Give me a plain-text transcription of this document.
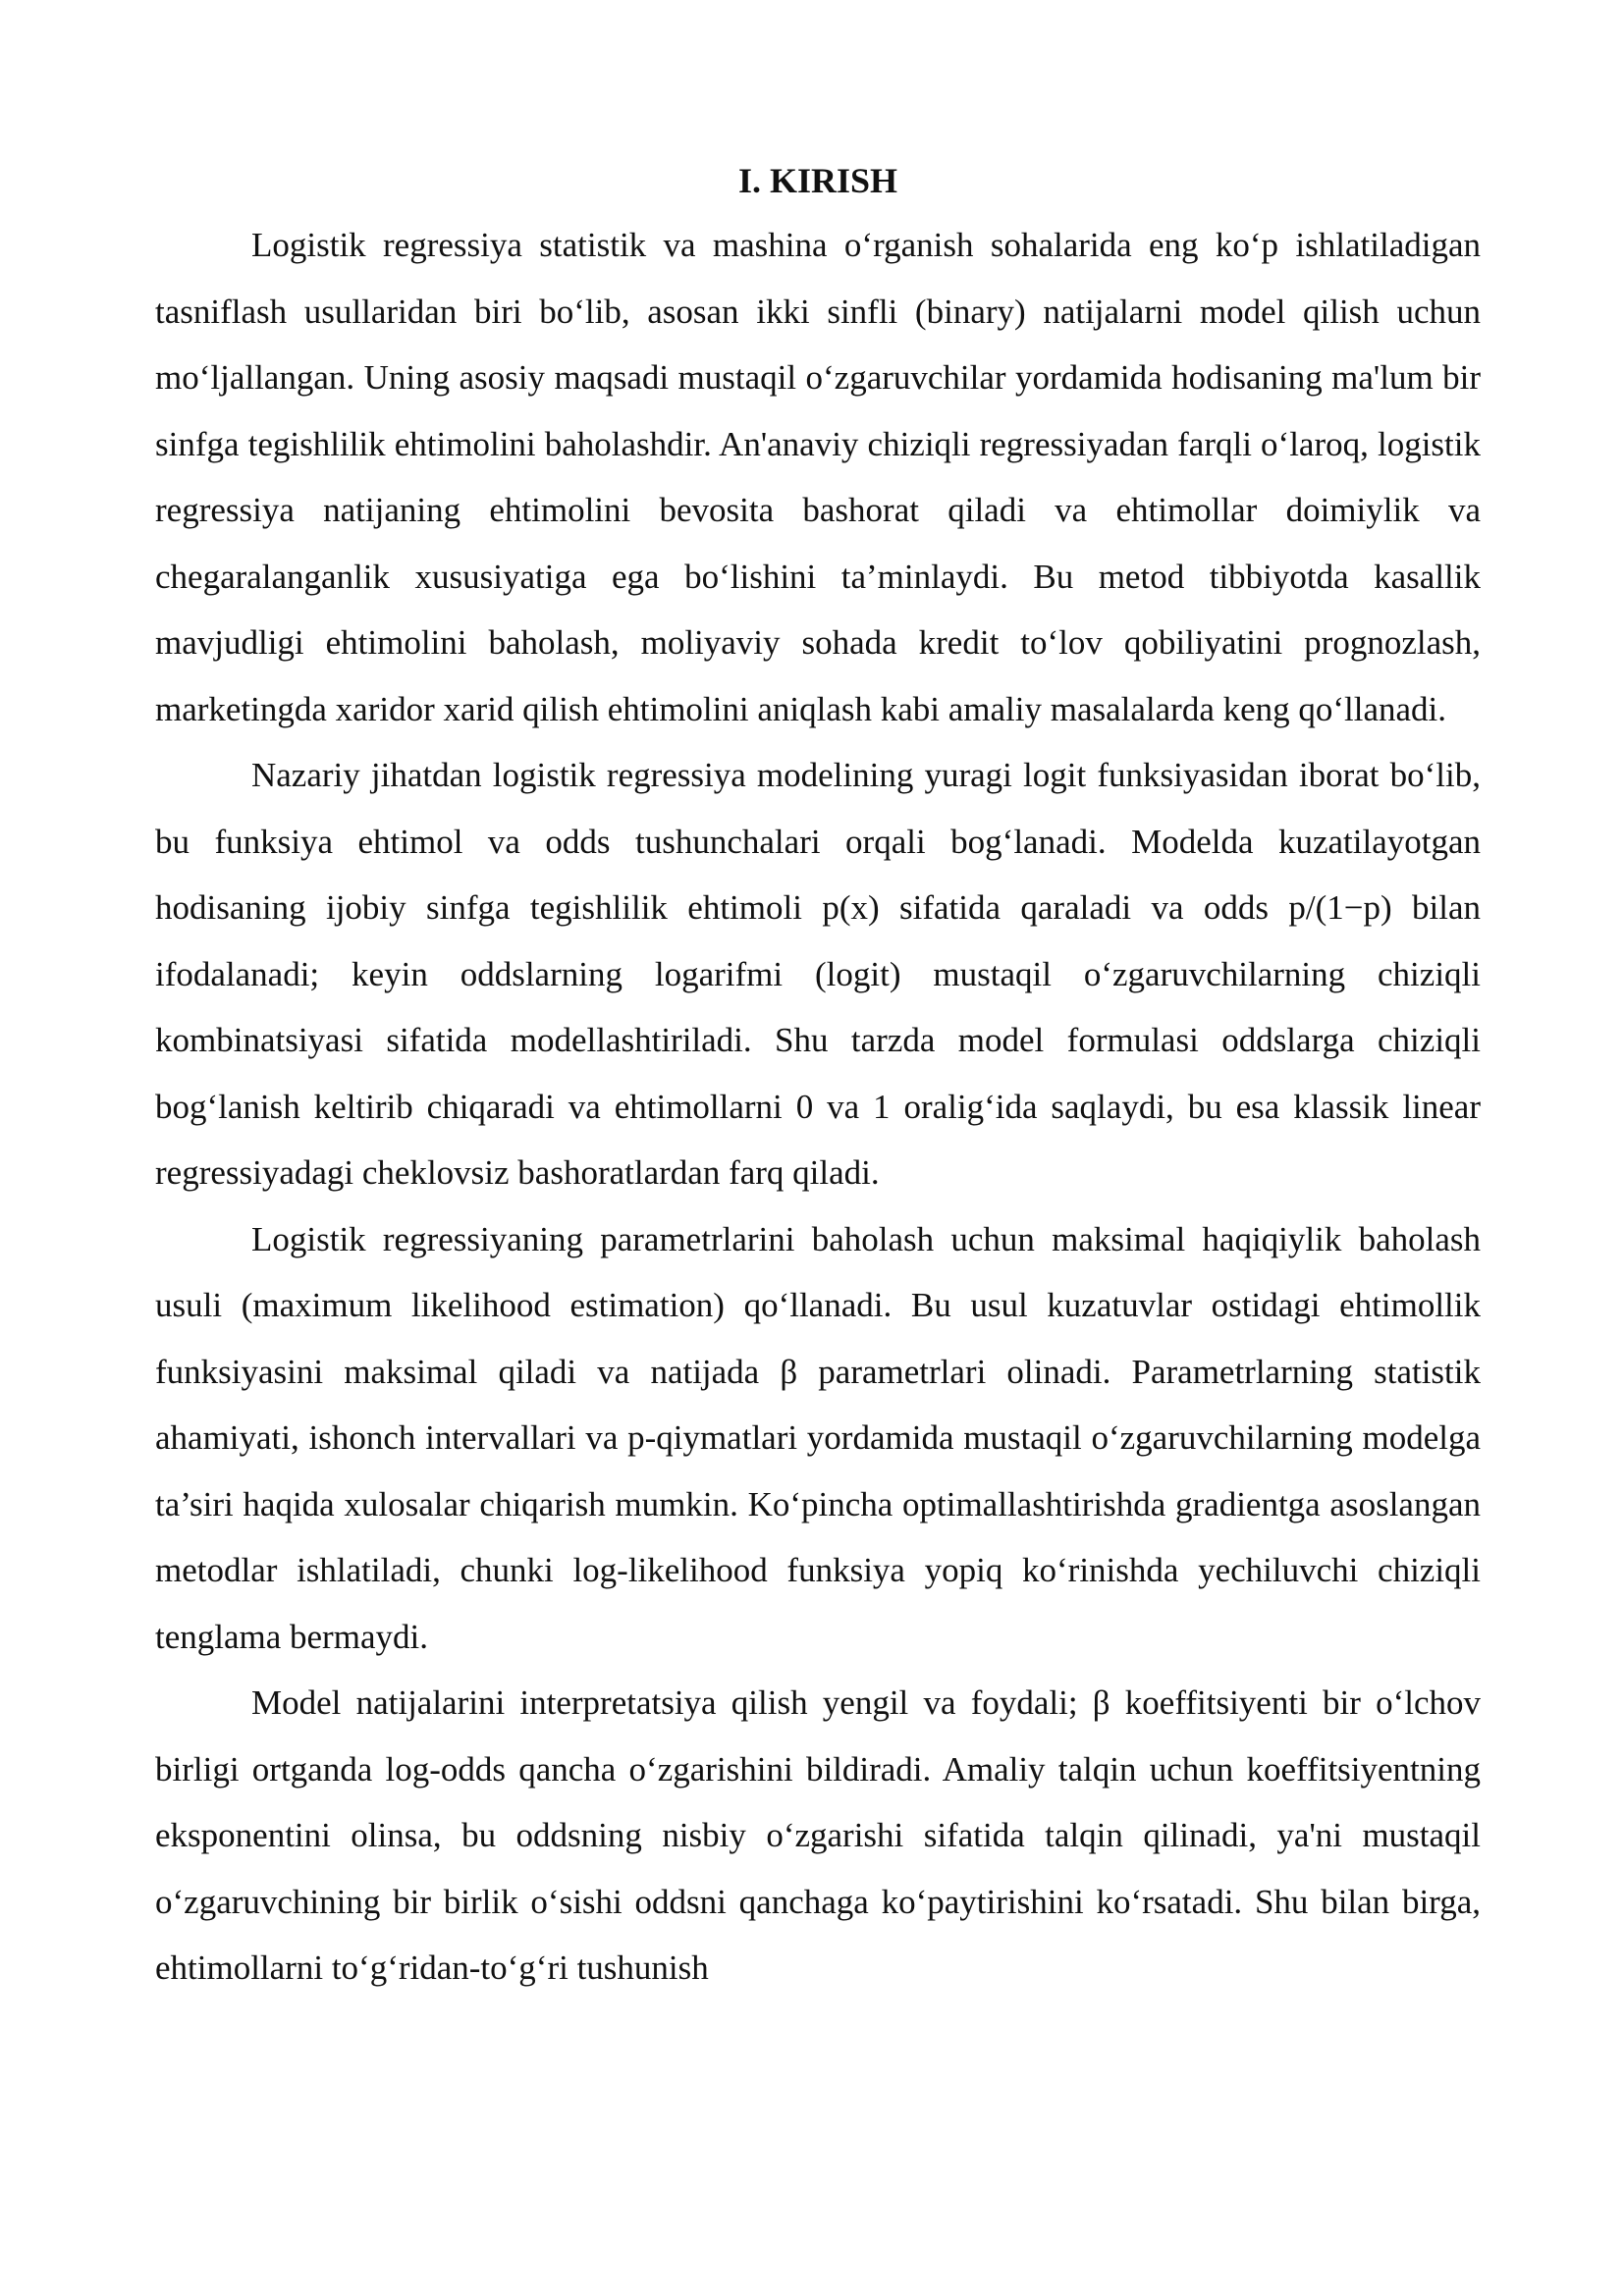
I. KIRISH

Logistik regressiya statistik va mashina o‘rganish sohalarida eng ko‘p ishlatiladigan tasniflash usullaridan biri bo‘lib, asosan ikki sinfli (binary) natijalarni model qilish uchun mo‘ljallangan. Uning asosiy maqsadi mustaqil o‘zgaruvchilar yordamida hodisaning ma'lum bir sinfga tegishlilik ehtimolini baholashdir. An'anaviy chiziqli regressiyadan farqli o‘laroq, logistik regressiya natijaning ehtimolini bevosita bashorat qiladi va ehtimollar doimiylik va chegaralanganlik xususiyatiga ega bo‘lishini ta’minlaydi. Bu metod tibbiyotda kasallik mavjudligi ehtimolini baholash, moliyaviy sohada kredit to‘lov qobiliyatini prognozlash, marketingda xaridor xarid qilish ehtimolini aniqlash kabi amaliy masalalarda keng qo‘llanadi.

Nazariy jihatdan logistik regressiya modelining yuragi logit funksiyasidan iborat bo‘lib, bu funksiya ehtimol va odds tushunchalari orqali bog‘lanadi. Modelda kuzatilayotgan hodisaning ijobiy sinfga tegishlilik ehtimoli p(x) sifatida qaraladi va odds p/(1−p) bilan ifodalanadi; keyin oddslarning logarifmi (logit) mustaqil o‘zgaruvchilarning chiziqli kombinatsiyasi sifatida modellashtiriladi. Shu tarzda model formulasi oddslarga chiziqli bog‘lanish keltirib chiqaradi va ehtimollarni 0 va 1 oralig‘ida saqlaydi, bu esa klassik linear regressiyadagi cheklovsiz bashoratlardan farq qiladi.

Logistik regressiyaning parametrlarini baholash uchun maksimal haqiqiylik baholash usuli (maximum likelihood estimation) qo‘llanadi. Bu usul kuzatuvlar ostidagi ehtimollik funksiyasini maksimal qiladi va natijada β parametrlari olinadi. Parametrlarning statistik ahamiyati, ishonch intervallari va p-qiymatlari yordamida mustaqil o‘zgaruvchilarning modelga ta’siri haqida xulosalar chiqarish mumkin. Ko‘pincha optimallashtirishda gradientga asoslangan metodlar ishlatiladi, chunki log-likelihood funksiya yopiq ko‘rinishda yechiluvchi chiziqli tenglama bermaydi.

Model natijalarini interpretatsiya qilish yengil va foydali; β koeffitsiyenti bir o‘lchov birligi ortganda log-odds qancha o‘zgarishini bildiradi. Amaliy talqin uchun koeffitsiyentning eksponentini olinsa, bu oddsning nisbiy o‘zgarishi sifatida talqin qilinadi, ya'ni mustaqil o‘zgaruvchining bir birlik o‘sishi oddsni qanchaga ko‘paytirishini ko‘rsatadi. Shu bilan birga, ehtimollarni to‘g‘ridan-to‘g‘ri tushunish
